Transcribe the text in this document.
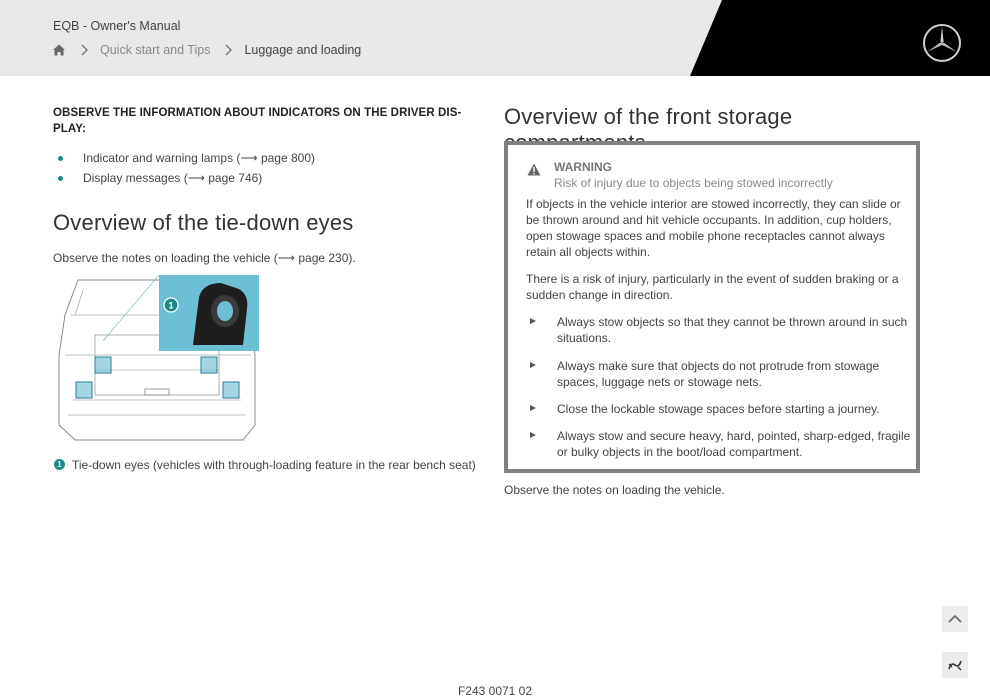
EQB - Owner's Manual
Quick start and Tips	Luggage and loading

OBSERVE THE INFORMATION ABOUT INDICATORS ON THE DRIVER DIS-PLAY:

Indicator and warning lamps (⟶ page 800)
Display messages (⟶ page 746)
Overview of the tie-down eyes
Observe the notes on loading the vehicle (⟶ page 230).
1
1 Tie-down eyes (vehicles with through-loading feature in the rear bench seat)
Overview of the front storage
WARNING
Risk of injury due to objects being stowed incorrectly
If objects in the vehicle interior are stowed incorrectly, they can slide or be thrown around and hit vehicle occupants. In addition, cup holders, open stowage spaces and mobile phone receptacles cannot always retain all objects within.
There is a risk of injury, particularly in the event of sudden braking or a sudden change in direction.
Always stow objects so that they cannot be thrown around in such situations.
Always make sure that objects do not protrude from stowage spaces, luggage nets or stowage nets.
Close the lockable stowage spaces before starting a journey.
Always stow and secure heavy, hard, pointed, sharp-edged, fragile or bulky objects in the boot/load compartment.
Observe the notes on loading the vehicle.
F243 0071 02
